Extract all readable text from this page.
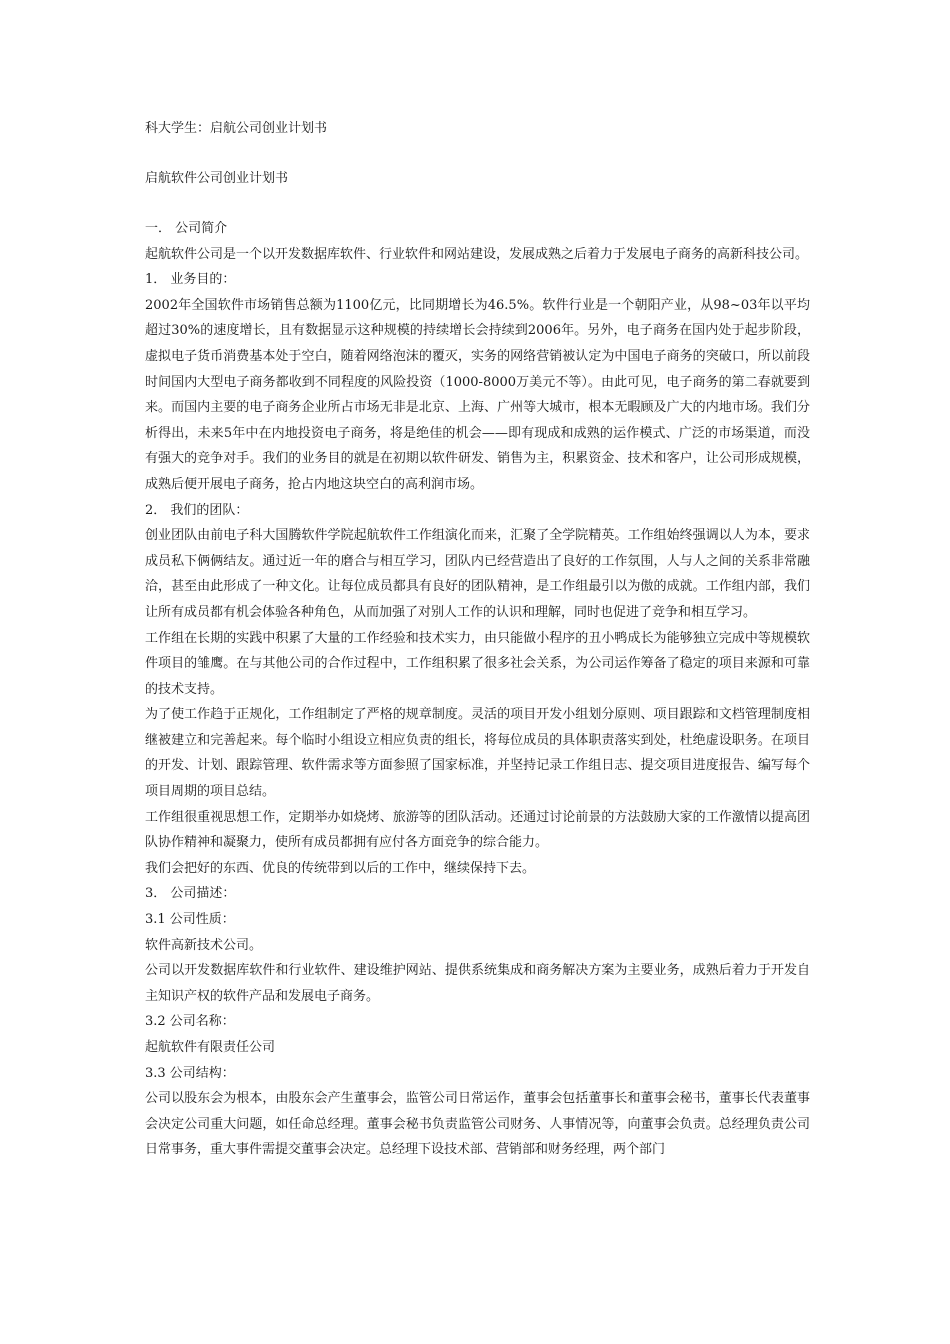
科大学生：启航公司创业计划书
启航软件公司创业计划书

一． 公司简介

起航软件公司是一个以开发数据库软件、行业软件和网站建设，发展成熟之后着力于发展电子商务的高新科技公司。

1． 业务目的：

2002年全国软件市场销售总额为1100亿元，比同期增长为46.5%。软件行业是一个朝阳产业，从98~03年以平均超过30%的速度增长，且有数据显示这种规模的持续增长会持续到2006年。另外，电子商务在国内处于起步阶段，虚拟电子货币消费基本处于空白，随着网络泡沫的覆灭，实务的网络营销被认定为中国电子商务的突破口，所以前段时间国内大型电子商务都收到不同程度的风险投资（1000-8000万美元不等）。由此可见，电子商务的第二春就要到来。而国内主要的电子商务企业所占市场无非是北京、上海、广州等大城市，根本无暇顾及广大的内地市场。我们分析得出，未来5年中在内地投资电子商务，将是绝佳的机会——即有现成和成熟的运作模式、广泛的市场渠道，而没有强大的竞争对手。我们的业务目的就是在初期以软件研发、销售为主，积累资金、技术和客户，让公司形成规模，成熟后便开展电子商务，抢占内地这块空白的高利润市场。

2． 我们的团队：

创业团队由前电子科大国腾软件学院起航软件工作组演化而来，汇聚了全学院精英。工作组始终强调以人为本，要求成员私下俩俩结友。通过近一年的磨合与相互学习，团队内已经营造出了良好的工作氛围，人与人之间的关系非常融洽，甚至由此形成了一种文化。让每位成员都具有良好的团队精神，是工作组最引以为傲的成就。工作组内部，我们让所有成员都有机会体验各种角色，从而加强了对别人工作的认识和理解，同时也促进了竞争和相互学习。

工作组在长期的实践中积累了大量的工作经验和技术实力，由只能做小程序的丑小鸭成长为能够独立完成中等规模软件项目的雏鹰。在与其他公司的合作过程中，工作组积累了很多社会关系，为公司运作筹备了稳定的项目来源和可靠的技术支持。

为了使工作趋于正规化，工作组制定了严格的规章制度。灵活的项目开发小组划分原则、项目跟踪和文档管理制度相继被建立和完善起来。每个临时小组设立相应负责的组长，将每位成员的具体职责落实到处，杜绝虚设职务。在项目的开发、计划、跟踪管理、软件需求等方面参照了国家标准，并坚持记录工作组日志、提交项目进度报告、编写每个项目周期的项目总结。

工作组很重视思想工作，定期举办如烧烤、旅游等的团队活动。还通过讨论前景的方法鼓励大家的工作激情以提高团队协作精神和凝聚力，使所有成员都拥有应付各方面竞争的综合能力。

我们会把好的东西、优良的传统带到以后的工作中，继续保持下去。

3． 公司描述：

3.1 公司性质：

软件高新技术公司。

公司以开发数据库软件和行业软件、建设维护网站、提供系统集成和商务解决方案为主要业务，成熟后着力于开发自主知识产权的软件产品和发展电子商务。

3.2 公司名称：

起航软件有限责任公司

3.3 公司结构：

公司以股东会为根本，由股东会产生董事会，监管公司日常运作，董事会包括董事长和董事会秘书，董事长代表董事会决定公司重大问题，如任命总经理。董事会秘书负责监管公司财务、人事情况等，向董事会负责。总经理负责公司日常事务，重大事件需提交董事会决定。总经理下设技术部、营销部和财务经理，两个部门
